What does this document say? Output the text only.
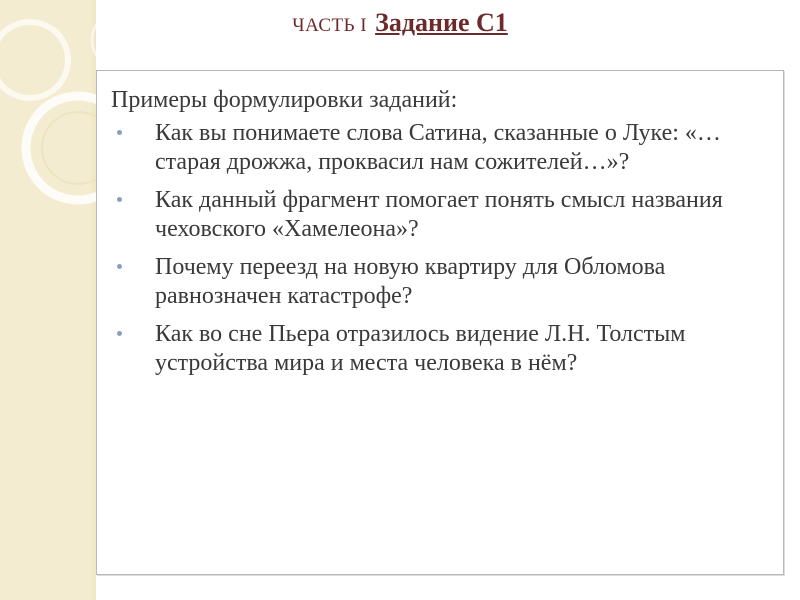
ЧАСТЬ I Задание С1

Примеры формулировки заданий:

Как вы понимаете слова Сатина, сказанные о Луке: «…старая дрожжа, проквасил нам сожителей…»?
Как данный фрагмент помогает понять смысл названия чеховского «Хамелеона»?
Почему переезд на новую квартиру для Обломова равнозначен катастрофе?
Как во сне Пьера отразилось видение Л.Н. Толстым устройства мира и места человека в нём?
